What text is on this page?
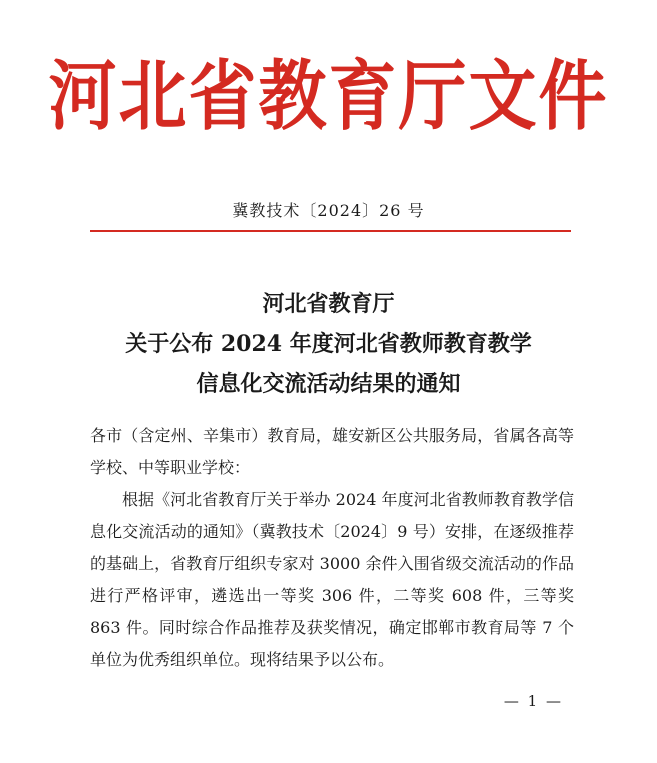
河北省教育厅文件
冀教技术〔2024〕26 号
河北省教育厅
关于公布 2024 年度河北省教师教育教学
信息化交流活动结果的通知

各市（含定州、辛集市）教育局，雄安新区公共服务局，省属各高等学校、中等职业学校：

根据《河北省教育厅关于举办 2024 年度河北省教师教育教学信息化交流活动的通知》（冀教技术〔2024〕9 号）安排，在逐级推荐的基础上，省教育厅组织专家对 3000 余件入围省级交流活动的作品进行严格评审，遴选出一等奖 306 件，二等奖 608 件，三等奖 863 件。同时综合作品推荐及获奖情况，确定邯郸市教育局等 7 个单位为优秀组织单位。现将结果予以公布。

— 1 —
